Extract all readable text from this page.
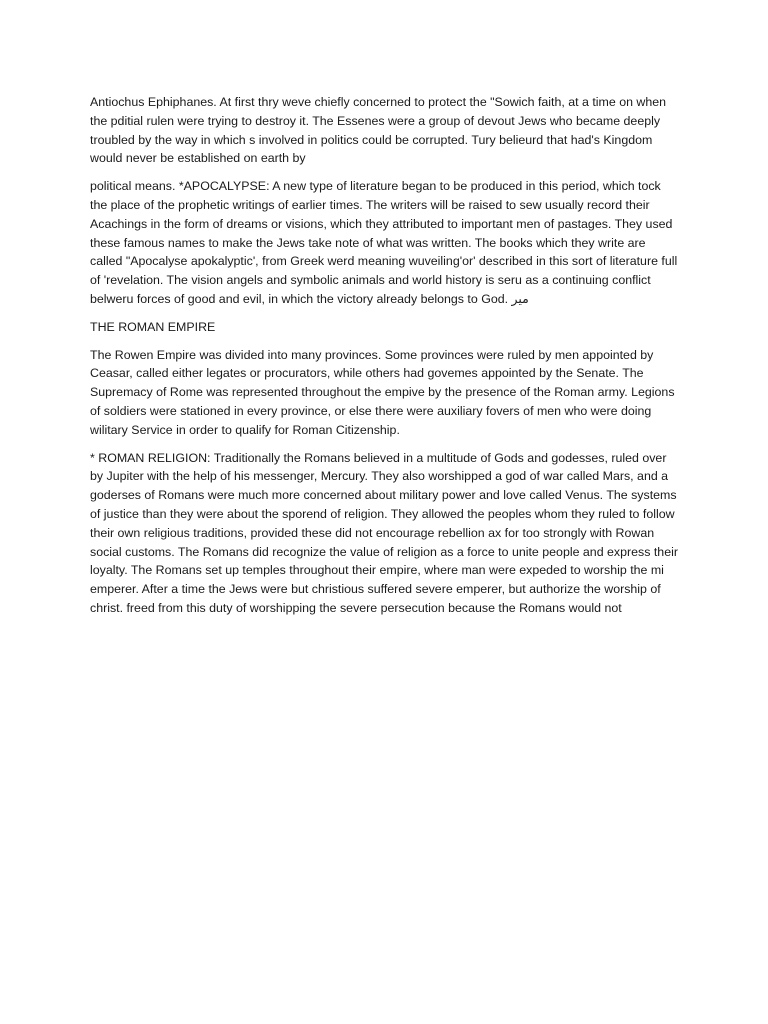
Antiochus Ephiphanes. At first thry weve chiefly concerned to protect the "Sowich faith, at a time on when the pditial rulen were trying to destroy it. The Essenes were a group of devout Jews who became deeply troubled by the way in which s involved in politics could be corrupted. Tury belieurd that had's Kingdom would never be established on earth by

political means. *APOCALYPSE: A new type of literature began to be produced in this period, which tock the place of the prophetic writings of earlier times. The writers will be raised to sew usually record their Acachings in the form of dreams or visions, which they attributed to important men of pastages. They used these famous names to make the Jews take note of what was written. The books which they write are called "Apocalyse apokalyptic', from Greek werd meaning wuveiling'or' described in this sort of literature full of 'revelation. The vision angels and symbolic animals and world history is seru as a continuing conflict belweru forces of good and evil, in which the victory already belongs to God. میر

THE ROMAN EMPIRE

The Rowen Empire was divided into many provinces. Some provinces were ruled by men appointed by Ceasar, called either legates or procurators, while others had govemes appointed by the Senate. The Supremacy of Rome was represented throughout the empive by the presence of the Roman army. Legions of soldiers were stationed in every province, or else there were auxiliary fovers of men who were doing wilitary Service in order to qualify for Roman Citizenship.

* ROMAN RELIGION: Traditionally the Romans believed in a multitude of Gods and godesses, ruled over by Jupiter with the help of his messenger, Mercury. They also worshipped a god of war called Mars, and a goderses of Romans were much more concerned about military power and love called Venus. The systems of justice than they were about the sporend of religion. They allowed the peoples whom they ruled to follow their own religious traditions, provided these did not encourage rebellion ax for too strongly with Rowan social customs. The Romans did recognize the value of religion as a force to unite people and express their loyalty. The Romans set up temples throughout their empire, where man were expeded to worship the mi emperer. After a time the Jews were but christious suffered severe emperer, but authorize the worship of christ. freed from this duty of worshipping the severe persecution because the Romans would not
